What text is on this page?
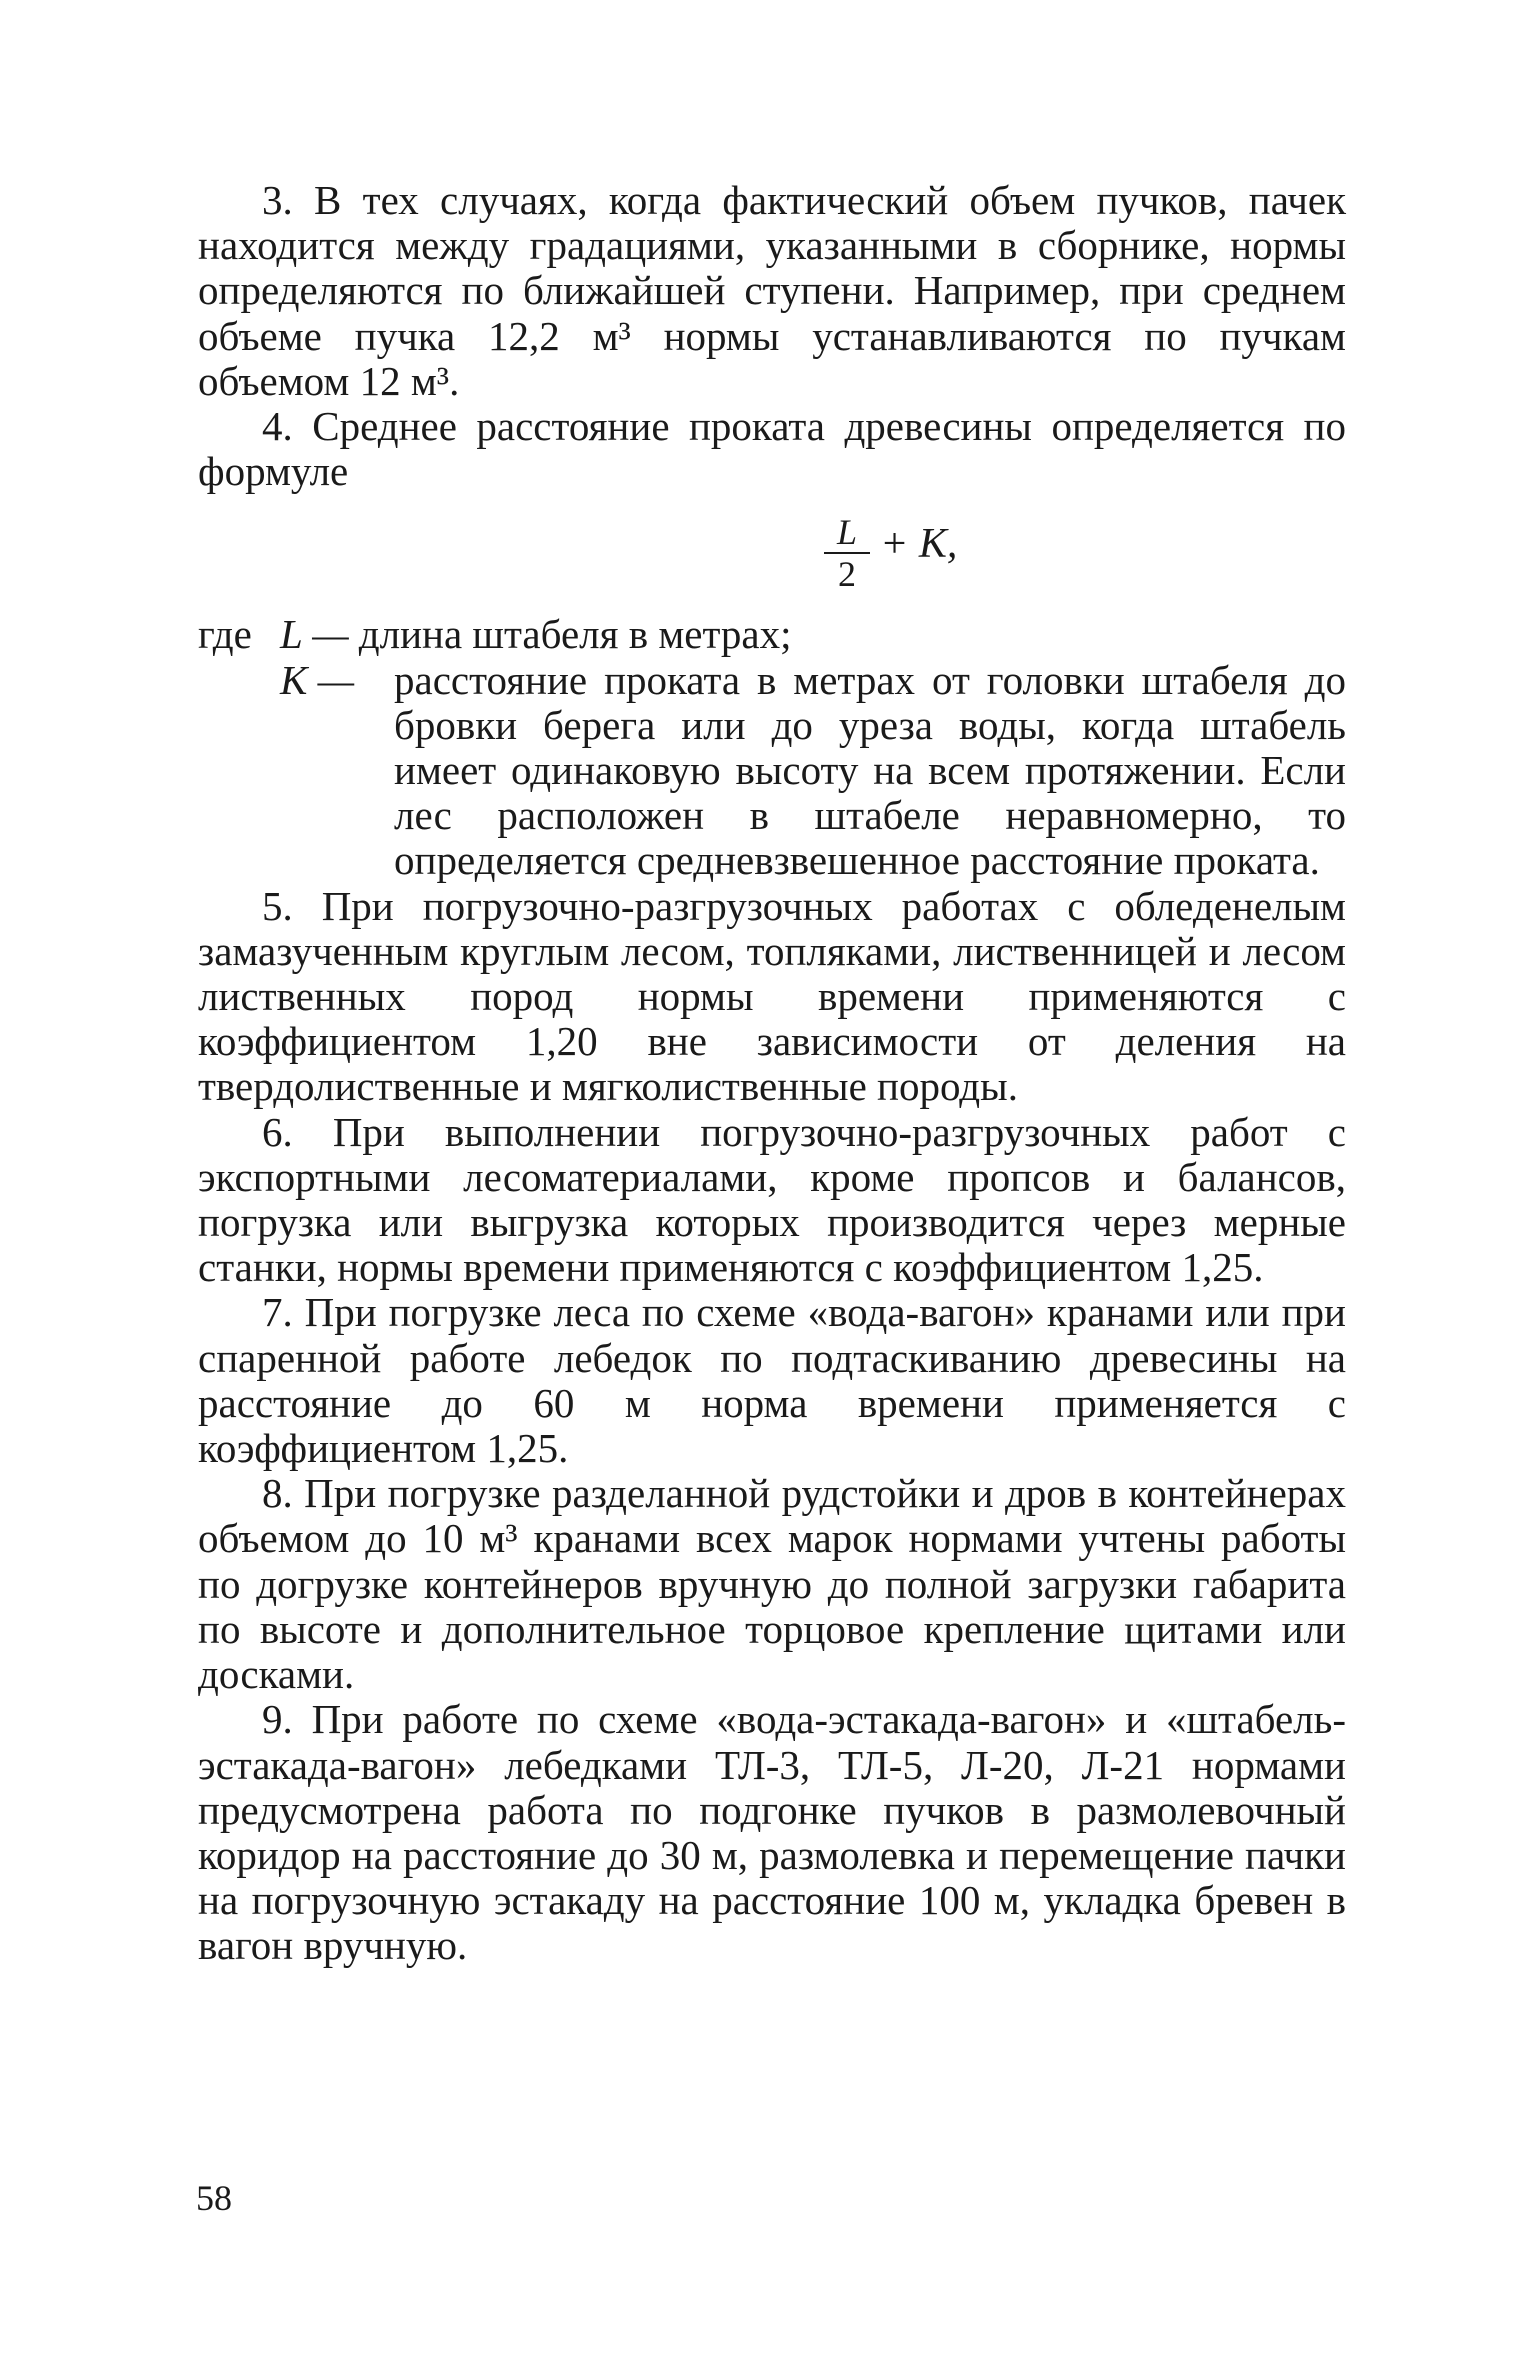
3. В тех случаях, когда фактический объем пучков, пачек находится между градациями, указанными в сборнике, нормы определяются по ближайшей ступени. Например, при среднем объеме пучка 12,2 м³ нормы устанавливаются по пучкам объемом 12 м³.

4. Среднее расстояние проката древесины определяется по формуле

L
2
+ K,
где L — длина штабеля в метрах;
K — расстояние проката в метрах от головки штабеля до бровки берега или до уреза воды, когда штабель имеет одинаковую высоту на всем протяжении. Если лес расположен в штабеле неравномерно, то определяется средневзвешенное расстояние проката.

5. При погрузочно-разгрузочных работах с обледенелым замазученным круглым лесом, топляками, лиственницей и лесом лиственных пород нормы времени применяются с коэффициентом 1,20 вне зависимости от деления на твердолиственные и мягколиственные породы.

6. При выполнении погрузочно-разгрузочных работ с экспортными лесоматериалами, кроме пропсов и балансов, погрузка или выгрузка которых производится через мерные станки, нормы времени применяются с коэффициентом 1,25.

7. При погрузке леса по схеме «вода-вагон» кранами или при спаренной работе лебедок по подтаскиванию древесины на расстояние до 60 м норма времени применяется с коэффициентом 1,25.

8. При погрузке разделанной рудстойки и дров в контейнерах объемом до 10 м³ кранами всех марок нормами учтены работы по догрузке контейнеров вручную до полной загрузки габарита по высоте и дополнительное торцовое крепление щитами или досками.

9. При работе по схеме «вода-эстакада-вагон» и «штабель-эстакада-вагон» лебедками ТЛ-3, ТЛ-5, Л-20, Л-21 нормами предусмотрена работа по подгонке пучков в размолевочный коридор на расстояние до 30 м, размолевка и перемещение пачки на погрузочную эстакаду на расстояние 100 м, укладка бревен в вагон вручную.

58
